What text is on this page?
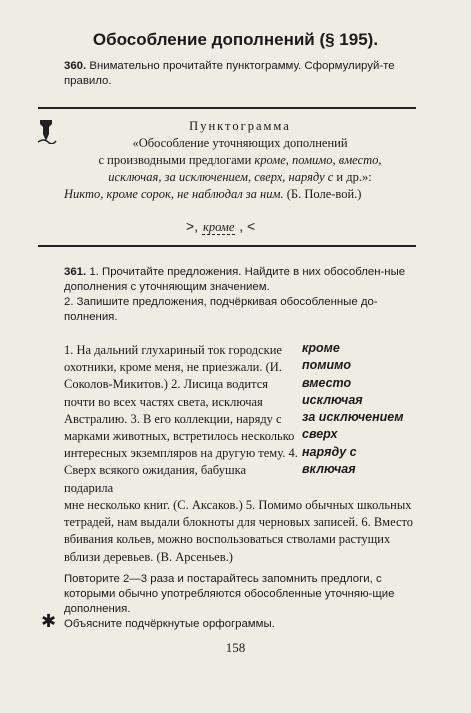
Обособление дополнений (§ 195).
360. Внимательно прочитайте пунктограмму. Сформулируй-те правило.
Пунктограмма
«Обособление уточняющих дополнений
с производными предлогами кроме, помимо, вместо,
исключая, за исключением, сверх, наряду с и др.»:
Никто, кроме сорок, не наблюдал за ним. (Б. Поле-вой.)
>, кроме , <
361. 1. Прочитайте предложения. Найдите в них обособлен-ные дополнения с уточняющим значением.
2. Запишите предложения, подчёркивая обособленные до-полнения.

1. На дальний глухариный ток городские охотники, кроме меня, не приезжали. (И. Соколов-Микитов.) 2. Лисица водится почти во всех частях света, исключая Австралию. 3. В его коллекции, наряду с марками животных, встретилось несколько интересных экземпляров на другую тему. 4. Сверх всякого ожидания, бабушка подарила

кроме
помимо
вместо
исключая
за исключением
сверх
наряду с
включая

мне несколько книг. (С. Аксаков.) 5. Помимо обычных школьных тетрадей, нам выдали блокноты для черновых записей. 6. Вместо вбивания кольев, можно воспользоваться стволами растущих вблизи деревьев. (В. Арсеньев.)

Повторите 2—3 раза и постарайтесь запомнить предлоги, с которыми обычно употребляются обособленные уточняю-щие дополнения.
✱ Объясните подчёркнутые орфограммы.
158
